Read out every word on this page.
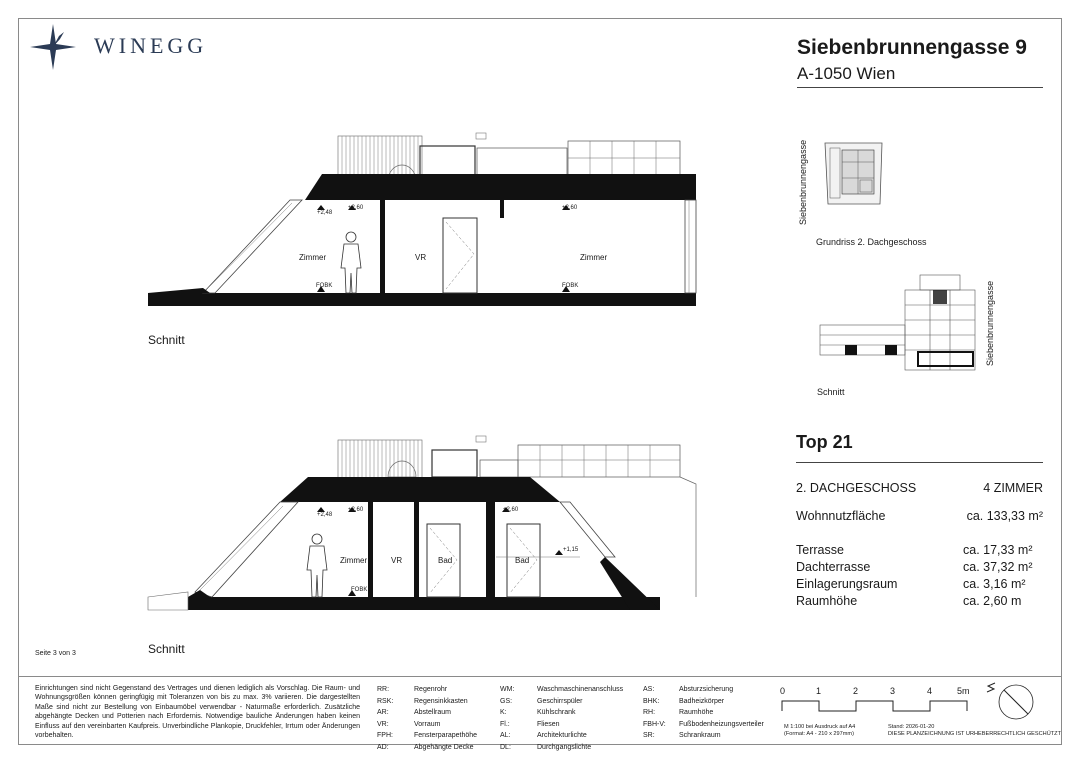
WINEGG	Siebenbrunnengasse 9
A-1050 Wien
+2,48
+2,60	+2,60
Zimmer	VR	Zimmer
FOBK	FOBK
Schnitt
+2,48
+2,60	+2,60
+1,15
Zimmer	VR	Bad	Bad
FOBK
Schnitt
Siebenbrunnengasse
Grundriss 2. Dachgeschoss
Siebenbrunnengasse
Schnitt
Top 21
2. DACHGESCHOSS	4 ZIMMER
Wohnnutzfläche	ca. 133,33 m²
Terrasse	ca. 17,33 m²
Dachterrasse	ca. 37,32 m²
Einlagerungsraum	ca. 3,16 m²
Raumhöhe	ca. 2,60 m
Seite 3 von 3
Einrichtungen sind nicht Gegenstand des Vertrages und dienen lediglich als Vorschlag. Die Raum- und Wohnungsgrößen können geringfügig mit Toleranzen von bis zu max. 3% variieren. Die dargestellten Maße sind nicht zur Bestellung von Einbaumöbel verwendbar - Naturmaße erforderlich. Zusätzliche abgehängte Decken und Potterien nach Erfordernis. Notwendige bauliche Änderungen haben keinen Einfluss auf den vereinbarten Kaufpreis. Unverbindliche Plankopie, Druckfehler, Irrtum oder Änderungen vorbehalten.
RR:	Regenrohr
RSK:	Regensinkkasten
AR:	Abstellraum
VR:	Vorraum
FPH:	Fensterparapethöhe
AD:	Abgehängte Decke
WM:	Waschmaschinenanschluss
GS:	Geschirrspüler
K:	Kühlschrank
Fl.:	Fliesen
AL:	Architekturlichte
DL:	Durchgangslichte
AS:	Absturzsicherung
BHK:	Badheizkörper
RH:	Raumhöhe
FBH-V: Fußbodenheizungsverteiler
SR:	Schrankraum
0	1	2	3	4	5m
M 1:100 bei Ausdruck auf A4
(Format: A4 - 210 x 297mm)
Stand: 2026-01-20
DIESE PLANZEICHNUNG IST URHEBERRECHTLICH GESCHÜTZT
